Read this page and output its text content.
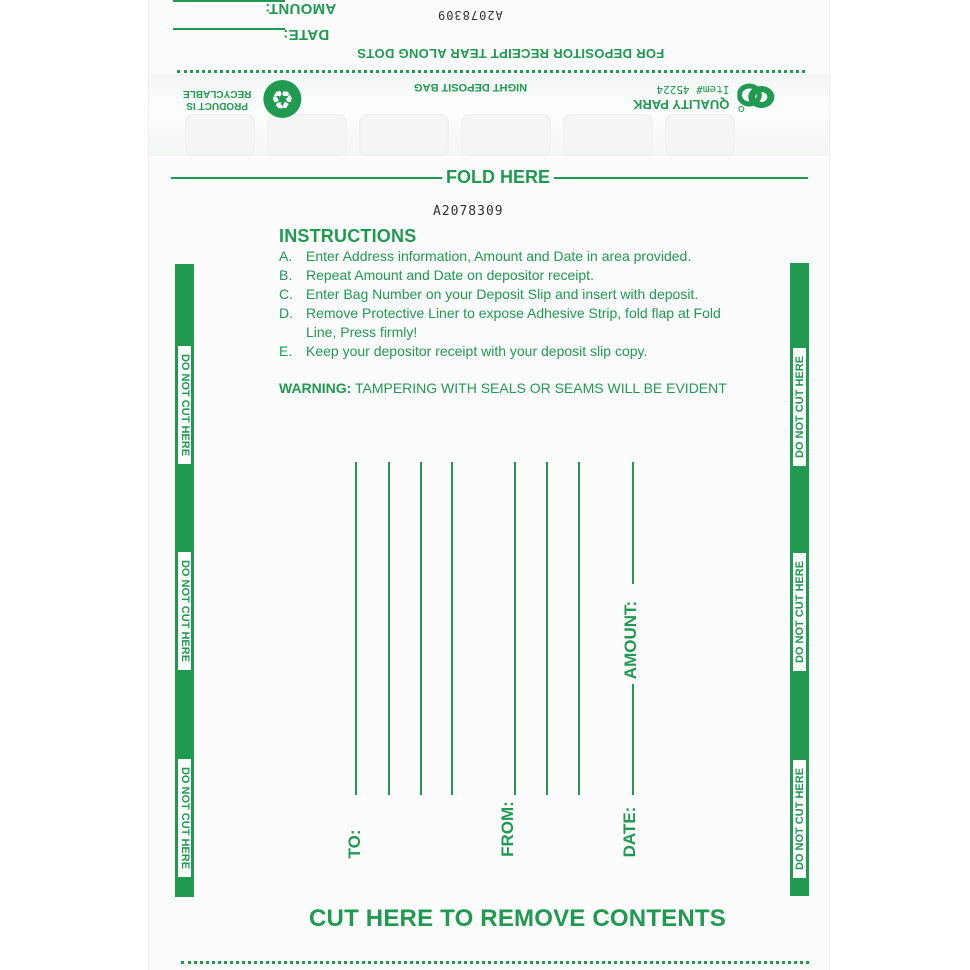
AMOUNT:
DATE:
A2078309
FOR DEPOSITOR RECEIPT TEAR ALONG DOTS
♻
PRODUCT IS
RECYCLABLE
NIGHT DEPOSIT BAG
QUALITY PARK
Item# 45224
FOLD HERE
A2078309
INSTRUCTIONS
A. Enter Address information, Amount and Date in area provided.
B. Repeat Amount and Date on depositor receipt.
C. Enter Bag Number on your Deposit Slip and insert with deposit.
D. Remove Protective Liner to expose Adhesive Strip, fold flap at Fold Line, Press firmly!
E. Keep your depositor receipt with your deposit slip copy.
WARNING: TAMPERING WITH SEALS OR SEAMS WILL BE EVIDENT
DO NOT CUT HERE
DO NOT CUT HERE
DO NOT CUT HERE
DO NOT CUT HERE
DO NOT CUT HERE
DO NOT CUT HERE
TO:	FROM:
AMOUNT:
DATE:
CUT HERE TO REMOVE CONTENTS
